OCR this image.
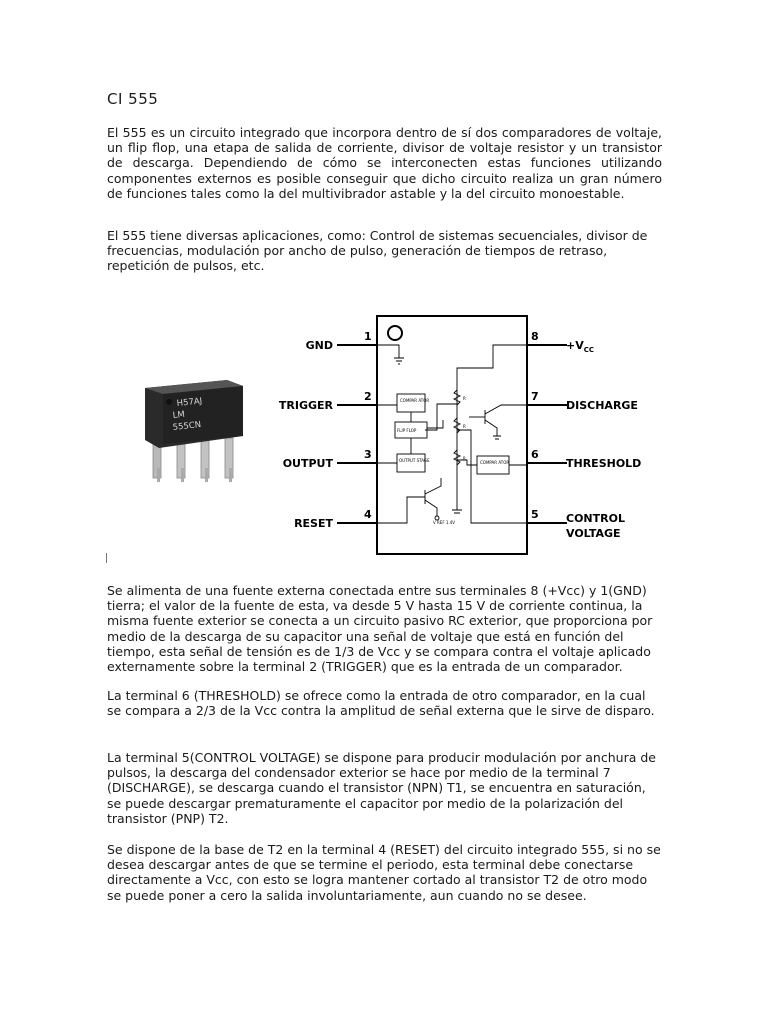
CI 555

El 555 es un circuito integrado que incorpora dentro de sí dos comparadores de voltaje, un flip flop, una etapa de salida de corriente, divisor de voltaje resistor y un transistor de descarga. Dependiendo de cómo se interconecten estas funciones utilizando componentes externos es posible conseguir que dicho circuito realiza un gran número de funciones tales como la del multivibrador astable y la del circuito monoestable.

El 555 tiene diversas aplicaciones, como: Control de sistemas secuenciales, divisor de frecuencias, modulación por ancho de pulso, generación de tiempos de retraso, repetición de pulsos, etc.

H57AJ
LM
555CN
1
2
3
4
8
7
6
5
GND
TRIGGER
OUTPUT
RESET
$+V_{CC}$
DISCHARGE
THRESHOLD
CONTROL
VOLTAGE
COMPAR ATOR
FLIP FLOP
OUTPUT STAGE	COMPAR ATOR
V REF 1.4V
R
R
R

Se alimenta de una fuente externa conectada entre sus terminales 8 (+Vcc) y 1(GND) tierra; el valor de la fuente de esta, va desde 5 V hasta 15 V de corriente continua, la misma fuente exterior se conecta a un circuito pasivo RC exterior, que proporciona por medio de la descarga de su capacitor una señal de voltaje que está en función del tiempo, esta señal de tensión es de 1/3 de Vcc y se compara contra el voltaje aplicado externamente sobre la terminal 2 (TRIGGER) que es la entrada de un comparador.

La terminal 6 (THRESHOLD) se ofrece como la entrada de otro comparador, en la cual se compara a 2/3 de la Vcc contra la amplitud de señal externa que le sirve de disparo.

La terminal 5(CONTROL VOLTAGE) se dispone para producir modulación por anchura de pulsos, la descarga del condensador exterior se hace por medio de la terminal 7 (DISCHARGE), se descarga cuando el transistor (NPN) T1, se encuentra en saturación, se puede descargar prematuramente el capacitor por medio de la polarización del transistor (PNP) T2.

Se dispone de la base de T2 en la terminal 4 (RESET) del circuito integrado 555, si no se desea descargar antes de que se termine el periodo, esta terminal debe conectarse directamente a Vcc, con esto se logra mantener cortado al transistor T2 de otro modo se puede poner a cero la salida involuntariamente, aun cuando no se desee.
